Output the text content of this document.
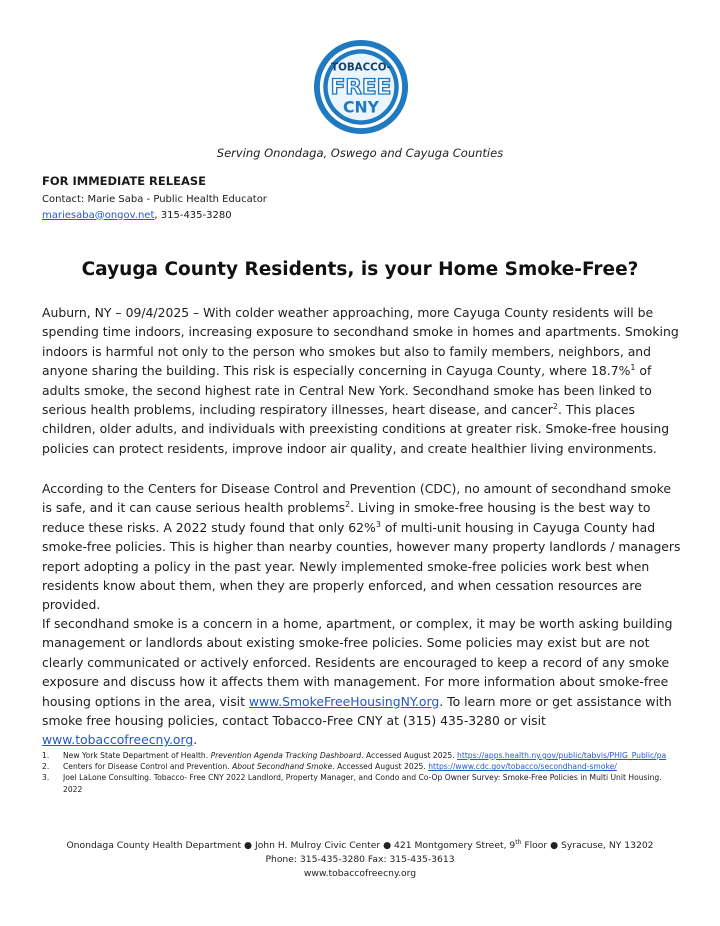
TOBACCO-
FREE
CNY
Serving Onondaga, Oswego and Cayuga Counties
FOR IMMEDIATE RELEASE
Contact: Marie Saba - Public Health Educator
mariesaba@ongov.net, 315-435-3280
Cayuga County Residents, is your Home Smoke-Free?
Auburn, NY – 09/4/2025 – With colder weather approaching, more Cayuga County residents will be spending time indoors, increasing exposure to secondhand smoke in homes and apartments. Smoking indoors is harmful not only to the person who smokes but also to family members, neighbors, and anyone sharing the building. This risk is especially concerning in Cayuga County, where 18.7%$^1$ of adults smoke, the second highest rate in Central New York. Secondhand smoke has been linked to serious health problems, including respiratory illnesses, heart disease, and cancer$^2$. This places children, older adults, and individuals with preexisting conditions at greater risk. Smoke-free housing policies can protect residents, improve indoor air quality, and create healthier living environments.
According to the Centers for Disease Control and Prevention (CDC), no amount of secondhand smoke is safe, and it can cause serious health problems$^2$. Living in smoke-free housing is the best way to reduce these risks. A 2022 study found that only 62%$^3$ of multi-unit housing in Cayuga County had smoke-free policies. This is higher than nearby counties, however many property landlords / managers report adopting a policy in the past year. Newly implemented smoke-free policies work best when residents know about them, when they are properly enforced, and when cessation resources are provided.
If secondhand smoke is a concern in a home, apartment, or complex, it may be worth asking building management or landlords about existing smoke-free policies. Some policies may exist but are not clearly communicated or actively enforced. Residents are encouraged to keep a record of any smoke exposure and discuss how it affects them with management. For more information about smoke-free housing options in the area, visit www.SmokeFreeHousingNY.org. To learn more or get assistance with smoke free housing policies, contact Tobacco-Free CNY at (315) 435-3280 or visit www.tobaccofreecny.org.
1.	New York State Department of Health. Prevention Agenda Tracking Dashboard. Accessed August 2025. https://apps.health.ny.gov/public/tabvis/PHIG_Public/pa
2.	Centers for Disease Control and Prevention. About Secondhand Smoke. Accessed August 2025. https://www.cdc.gov/tobacco/secondhand-smoke/
3.	Joel LaLone Consulting. Tobacco- Free CNY 2022 Landlord, Property Manager, and Condo and Co-Op Owner Survey: Smoke-Free Policies in Multi Unit Housing. 2022
Onondaga County Health Department ● John H. Mulroy Civic Center ● 421 Montgomery Street, 9th Floor ● Syracuse, NY 13202
Phone: 315-435-3280 Fax: 315-435-3613
www.tobaccofreecny.org
